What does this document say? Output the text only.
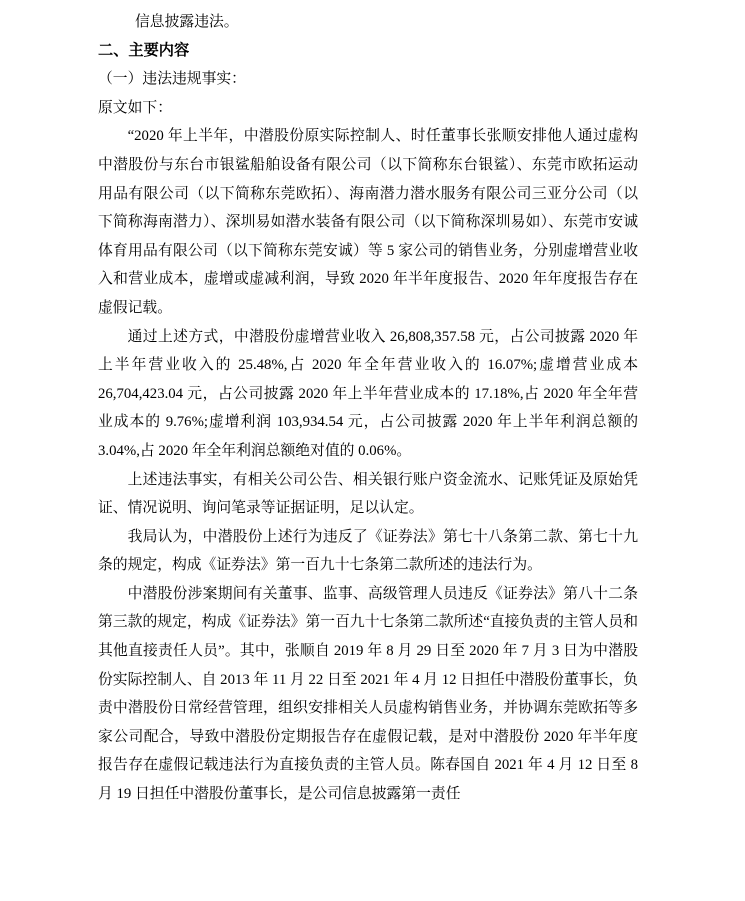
信息披露违法。

二、主要内容

（一）违法违规事实：

原文如下：

“2020 年上半年，中潜股份原实际控制人、时任董事长张顺安排他人通过虚构中潜股份与东台市银鲨船舶设备有限公司（以下简称东台银鲨）、东莞市欧拓运动用品有限公司（以下简称东莞欧拓）、海南潜力潜水服务有限公司三亚分公司（以下简称海南潜力）、深圳易如潜水装备有限公司（以下简称深圳易如）、东莞市安诚体育用品有限公司（以下简称东莞安诚）等 5 家公司的销售业务，分别虚增营业收入和营业成本，虚增或虚减利润，导致 2020 年半年度报告、2020 年年度报告存在虚假记载。

通过上述方式，中潜股份虚增营业收入 26,808,357.58 元，占公司披露 2020 年上半年营业收入的 25.48%,占 2020 年全年营业收入的 16.07%;虚增营业成本 26,704,423.04 元，占公司披露 2020 年上半年营业成本的 17.18%,占 2020 年全年营业成本的 9.76%;虚增利润 103,934.54 元，占公司披露 2020 年上半年利润总额的 3.04%,占 2020 年全年利润总额绝对值的 0.06%。

上述违法事实，有相关公司公告、相关银行账户资金流水、记账凭证及原始凭证、情况说明、询问笔录等证据证明，足以认定。

我局认为，中潜股份上述行为违反了《证券法》第七十八条第二款、第七十九条的规定，构成《证券法》第一百九十七条第二款所述的违法行为。

中潜股份涉案期间有关董事、监事、高级管理人员违反《证券法》第八十二条第三款的规定，构成《证券法》第一百九十七条第二款所述“直接负责的主管人员和其他直接责任人员”。其中，张顺自 2019 年 8 月 29 日至 2020 年 7 月 3 日为中潜股份实际控制人、自 2013 年 11 月 22 日至 2021 年 4 月 12 日担任中潜股份董事长，负责中潜股份日常经营管理，组织安排相关人员虚构销售业务，并协调东莞欧拓等多家公司配合，导致中潜股份定期报告存在虚假记载，是对中潜股份 2020 年半年度报告存在虚假记载违法行为直接负责的主管人员。陈春国自 2021 年 4 月 12 日至 8 月 19 日担任中潜股份董事长，是公司信息披露第一责任
